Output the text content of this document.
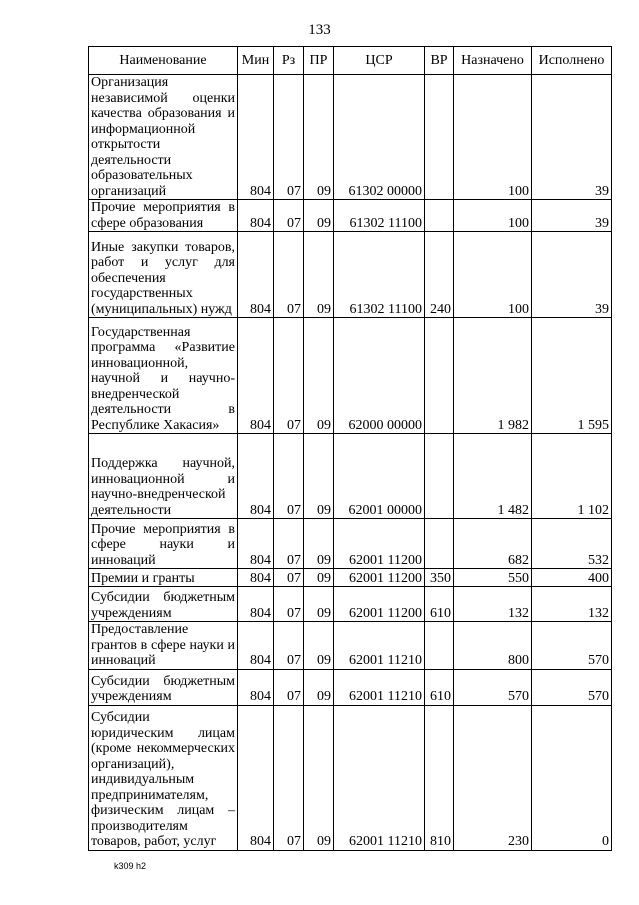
133
Наименование	Мин	Рз	ПР	ЦСР	ВР	Назначено	Исполнено
Организация независимой оценки качества образования и информационной открытости деятельности образовательных организаций	804	07	09	61302 00000		100	39
Прочие мероприятия в сфере образования	804	07	09	61302 11100		100	39
Иные закупки товаров, работ и услуг для обеспечения государственных (муниципальных) нужд	804	07	09	61302 11100	240	100	39
Государственная программа «Развитие инновационной, научной и научно-внедренческой деятельности в Республике Хакасия»	804	07	09	62000 00000		1 982	1 595
Поддержка научной, инновационной и научно-внедренческой деятельности	804	07	09	62001 00000		1 482	1 102
Прочие мероприятия в сфере науки и инноваций	804	07	09	62001 11200		682	532
Премии и гранты	804	07	09	62001 11200	350	550	400
Субсидии бюджетным учреждениям	804	07	09	62001 11200	610	132	132
Предоставление грантов в сфере науки и инноваций	804	07	09	62001 11210		800	570
Субсидии бюджетным учреждениям	804	07	09	62001 11210	610	570	570
Субсидии юридическим лицам (кроме некоммерческих организаций), индивидуальным предпринимателям, физическим лицам – производителям товаров, работ, услуг	804	07	09	62001 11210	810	230	0
k309 h2
